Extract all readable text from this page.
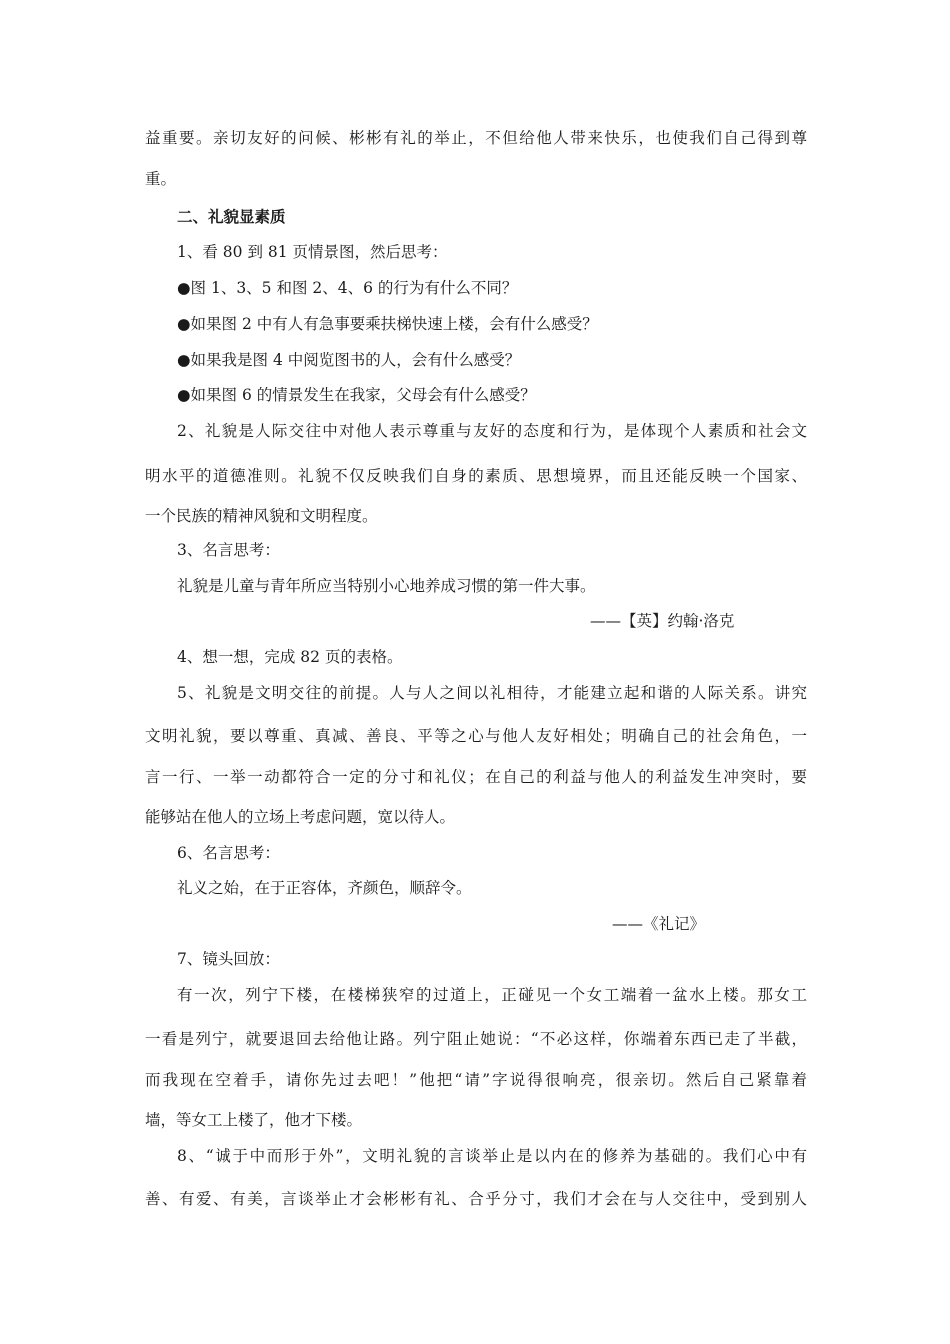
益重要。亲切友好的问候、彬彬有礼的举止，不但给他人带来快乐，也使我们自己得到尊
重。
二、礼貌显素质
1、看 80 到 81 页情景图，然后思考：
●图 1、3、5 和图 2、4、6 的行为有什么不同？
●如果图 2 中有人有急事要乘扶梯快速上楼，会有什么感受？
●如果我是图 4 中阅览图书的人，会有什么感受？
●如果图 6 的情景发生在我家，父母会有什么感受？
2、礼貌是人际交往中对他人表示尊重与友好的态度和行为，是体现个人素质和社会文
明水平的道德准则。礼貌不仅反映我们自身的素质、思想境界，而且还能反映一个国家、
一个民族的精神风貌和文明程度。
3、名言思考：
礼貌是儿童与青年所应当特别小心地养成习惯的第一件大事。
——【英】约翰·洛克
4、想一想，完成 82 页的表格。
5、礼貌是文明交往的前提。人与人之间以礼相待，才能建立起和谐的人际关系。讲究
文明礼貌，要以尊重、真减、善良、平等之心与他人友好相处；明确自己的社会角色，一
言一行、一举一动都符合一定的分寸和礼仪；在自己的利益与他人的利益发生冲突时，要
能够站在他人的立场上考虑问题，宽以待人。
6、名言思考：
礼义之始，在于正容体，齐颜色，顺辞令。
——《礼记》
7、镜头回放：
有一次，列宁下楼，在楼梯狭窄的过道上，正碰见一个女工端着一盆水上楼。那女工
一看是列宁，就要退回去给他让路。列宁阻止她说：“不必这样，你端着东西已走了半截，
而我现在空着手，请你先过去吧！”他把“请”字说得很响亮，很亲切。然后自己紧靠着
墙，等女工上楼了，他才下楼。
8、“诚于中而形于外”，文明礼貌的言谈举止是以内在的修养为基础的。我们心中有
善、有爱、有美，言谈举止才会彬彬有礼、合乎分寸，我们才会在与人交往中，受到别人
